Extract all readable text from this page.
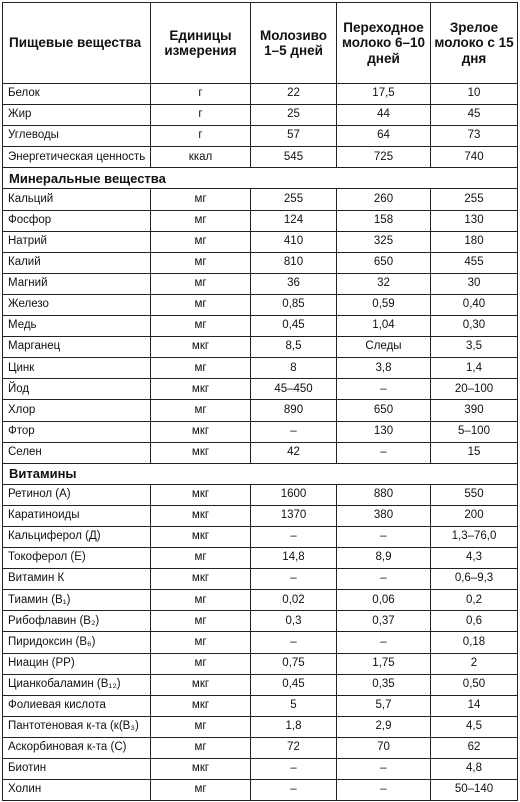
Пищевые вещества	Единицы измерения	Молозиво 1–5 дней	Переходное молоко 6–10 дней	Зрелое молоко с 15 дня
Белок	г	22	17,5	10
Жир	г	25	44	45
Углеводы	г	57	64	73
Энергетическая ценность	ккал	545	725	740
Минеральные вещества				
Кальций	мг	255	260	255
Фосфор	мг	124	158	130
Натрий	мг	410	325	180
Калий	мг	810	650	455
Магний	мг	36	32	30
Железо	мг	0,85	0,59	0,40
Медь	мг	0,45	1,04	0,30
Марганец	мкг	8,5	Следы	3,5
Цинк	мг	8	3,8	1,4
Йод	мкг	45–450	–	20–100
Хлор	мг	890	650	390
Фтор	мкг	–	130	5–100
Селен	мкг	42	–	15
Витамины				
Ретинол (А)	мкг	1600	880	550
Каратиноиды	мкг	1370	380	200
Кальциферол (Д)	мкг	–	–	1,3–76,0
Токоферол (Е)	мг	14,8	8,9	4,3
Витамин К	мкг	–	–	0,6–9,3
Тиамин (В₁)	мг	0,02	0,06	0,2
Рибофлавин (В₂)	мг	0,3	0,37	0,6
Пиридоксин (В₆)	мг	–	–	0,18
Ниацин (РР)	мг	0,75	1,75	2
Цианкобаламин (В₁₂)	мкг	0,45	0,35	0,50
Фолиевая кислота	мкг	5	5,7	14
Пантотеновая к-та (к(В₃)	мг	1,8	2,9	4,5
Аскорбиновая к-та (С)	мг	72	70	62
Биотин	мкг	–	–	4,8
Холин	мг	–	–	50–140
